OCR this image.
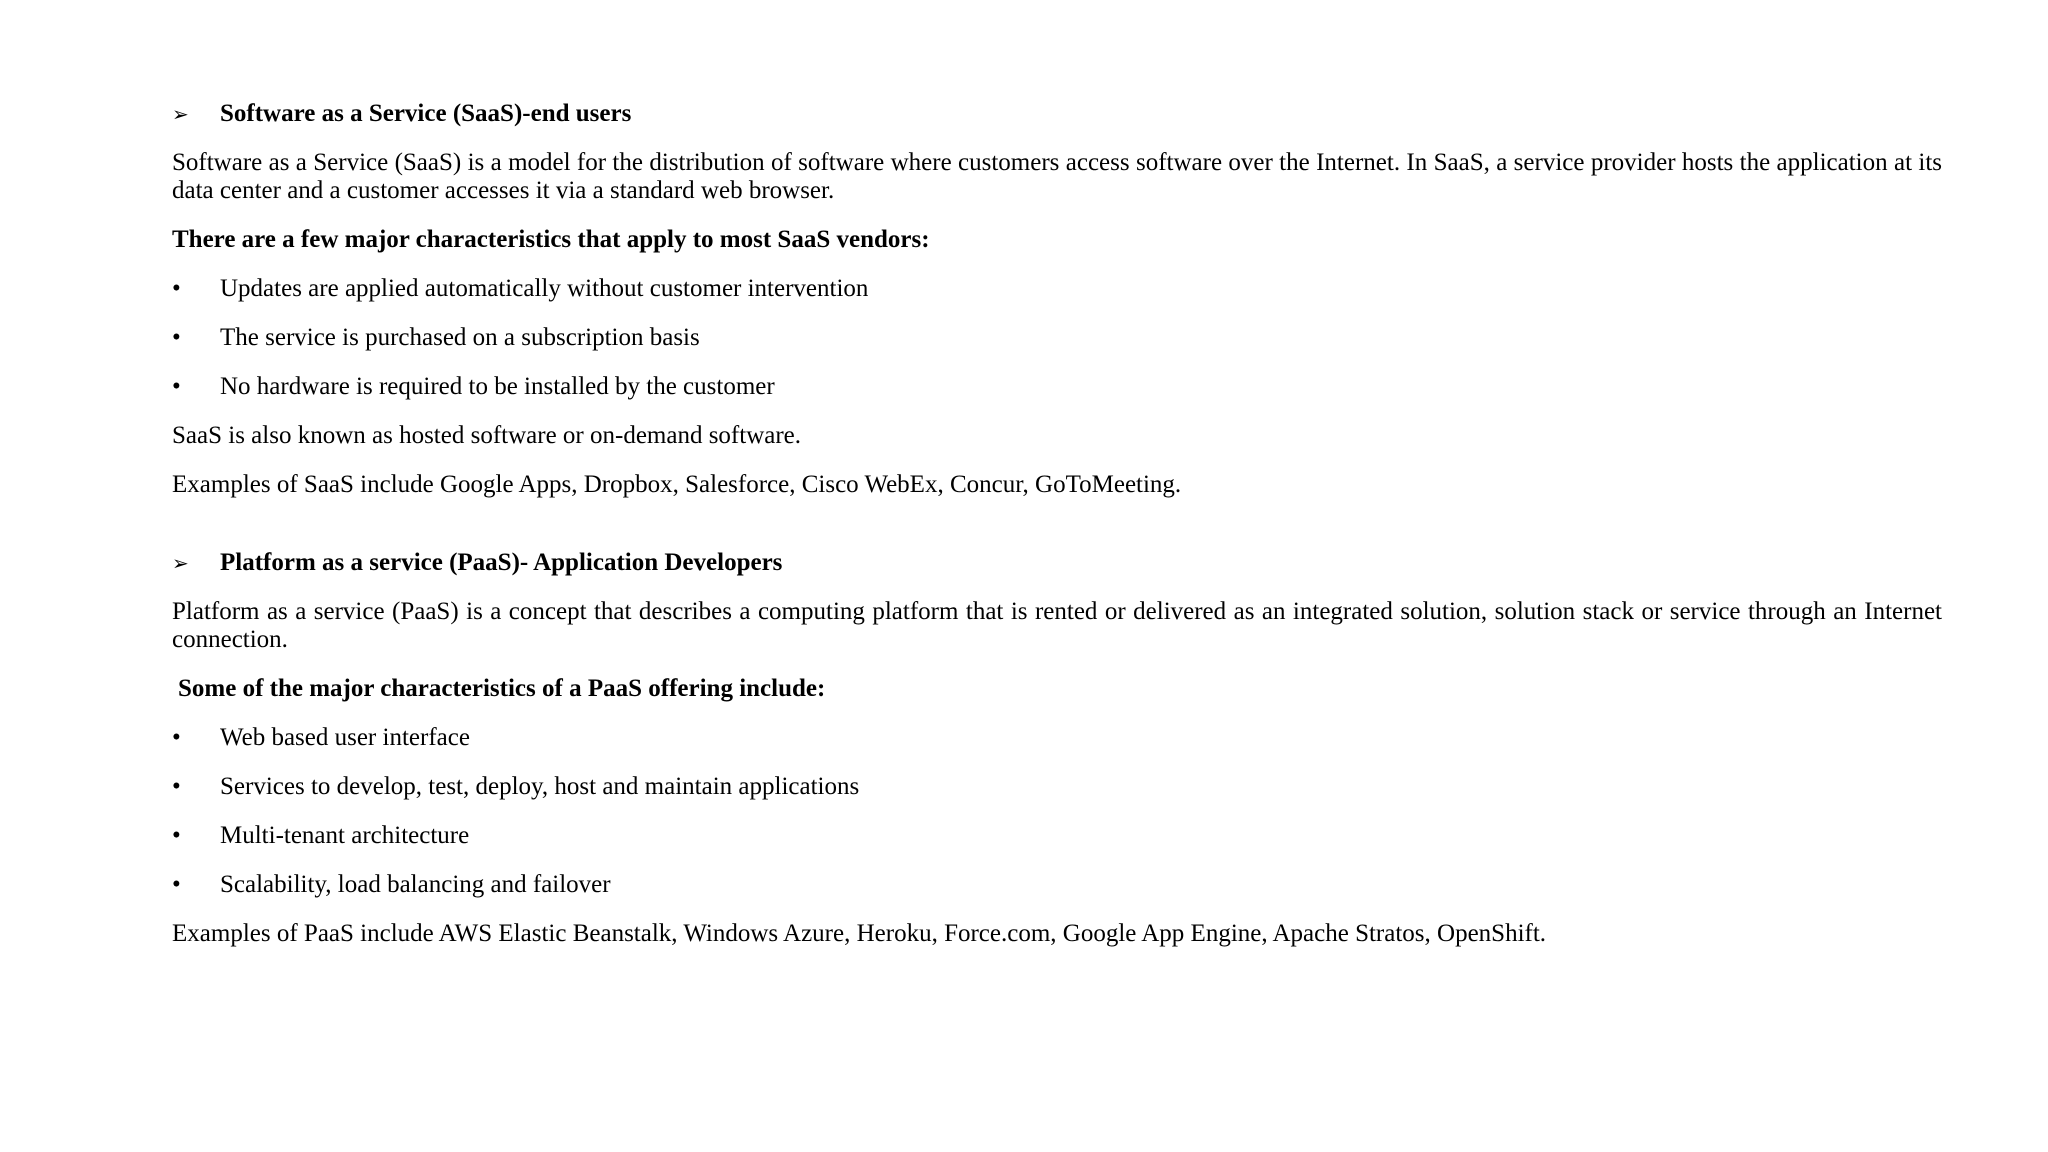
➢	Software as a Service (SaaS)-end users

Software as a Service (SaaS) is a model for the distribution of software where customers access software over the Internet. In SaaS, a service provider hosts the application at its data center and a customer accesses it via a standard web browser.

There are a few major characteristics that apply to most SaaS vendors:

•	Updates are applied automatically without customer intervention
•	The service is purchased on a subscription basis
•	No hardware is required to be installed by the customer

SaaS is also known as hosted software or on-demand software.

Examples of SaaS include Google Apps, Dropbox, Salesforce, Cisco WebEx, Concur, GoToMeeting.

➢	Platform as a service (PaaS)- Application Developers

Platform as a service (PaaS) is a concept that describes a computing platform that is rented or delivered as an integrated solution, solution stack or service through an Internet connection.

Some of the major characteristics of a PaaS offering include:

•	Web based user interface
•	Services to develop, test, deploy, host and maintain applications
•	Multi-tenant architecture
•	Scalability, load balancing and failover

Examples of PaaS include AWS Elastic Beanstalk, Windows Azure, Heroku, Force.com, Google App Engine, Apache Stratos, OpenShift.
